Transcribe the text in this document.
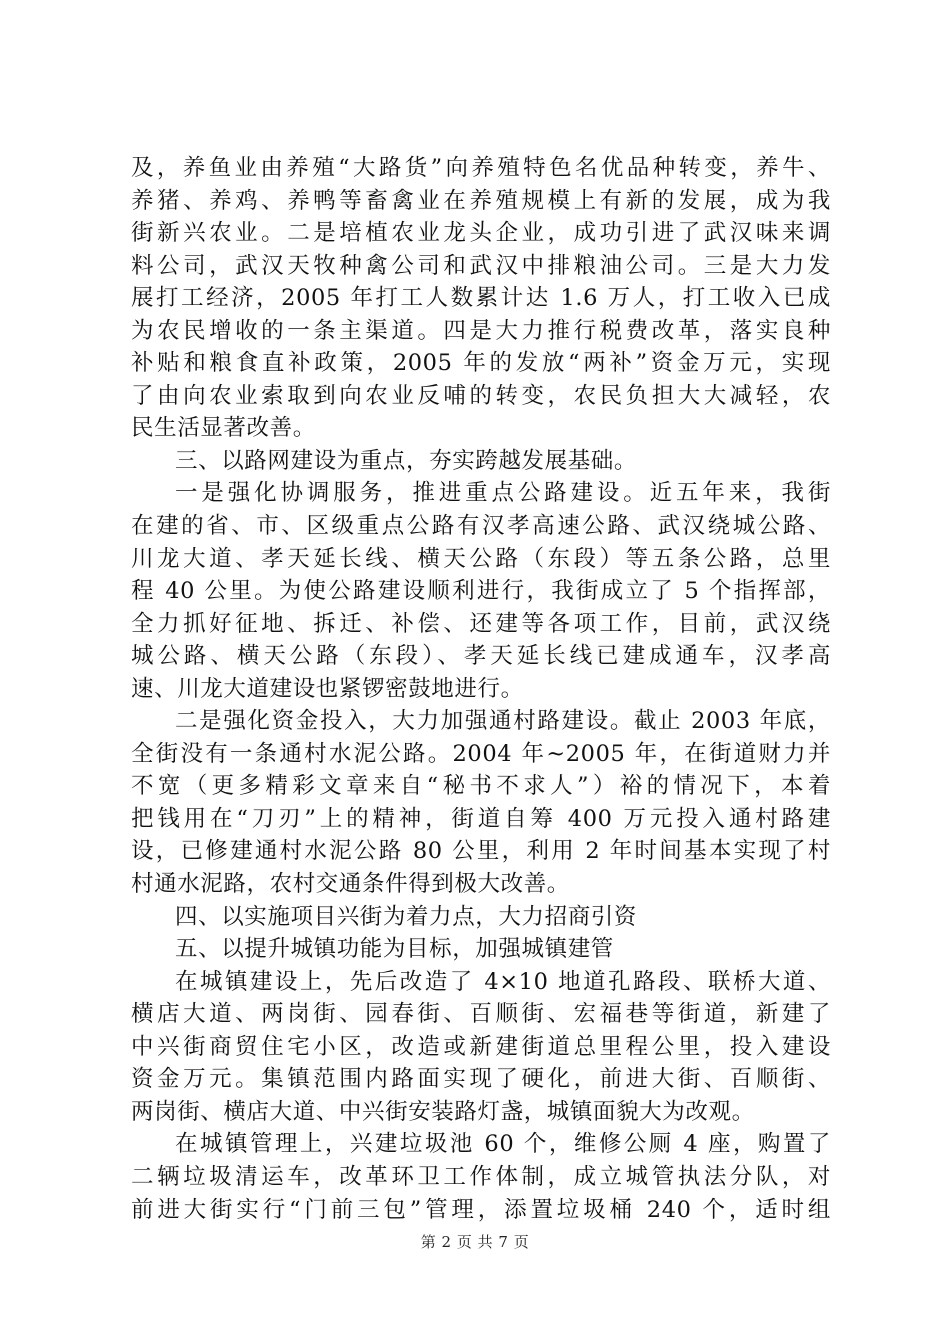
及，养鱼业由养殖“大路货”向养殖特色名优品种转变，养牛、
养猪、养鸡、养鸭等畜禽业在养殖规模上有新的发展，成为我
街新兴农业。二是培植农业龙头企业，成功引进了武汉味来调
料公司，武汉天牧种禽公司和武汉中排粮油公司。三是大力发
展打工经济，2005 年打工人数累计达 1.6 万人，打工收入已成
为农民增收的一条主渠道。四是大力推行税费改革，落实良种
补贴和粮食直补政策，2005 年的发放“两补”资金万元，实现
了由向农业索取到向农业反哺的转变，农民负担大大减轻，农
民生活显著改善。
三、以路网建设为重点，夯实跨越发展基础。
一是强化协调服务，推进重点公路建设。近五年来，我街
在建的省、市、区级重点公路有汉孝高速公路、武汉绕城公路、
川龙大道、孝天延长线、横天公路（东段）等五条公路，总里
程 40 公里。为使公路建设顺利进行，我街成立了 5 个指挥部，
全力抓好征地、拆迁、补偿、还建等各项工作，目前，武汉绕
城公路、横天公路（东段）、孝天延长线已建成通车，汉孝高
速、川龙大道建设也紧锣密鼓地进行。
二是强化资金投入，大力加强通村路建设。截止 2003 年底，
全街没有一条通村水泥公路。2004 年~2005 年，在街道财力并
不宽（更多精彩文章来自“秘书不求人”）裕的情况下，本着
把钱用在“刀刃”上的精神，街道自筹 400 万元投入通村路建
设，已修建通村水泥公路 80 公里，利用 2 年时间基本实现了村
村通水泥路，农村交通条件得到极大改善。
四、以实施项目兴街为着力点，大力招商引资
五、以提升城镇功能为目标，加强城镇建管
在城镇建设上，先后改造了 4×10 地道孔路段、联桥大道、
横店大道、两岗街、园春街、百顺街、宏福巷等街道，新建了
中兴街商贸住宅小区，改造或新建街道总里程公里，投入建设
资金万元。集镇范围内路面实现了硬化，前进大街、百顺街、
两岗街、横店大道、中兴街安装路灯盏，城镇面貌大为改观。
在城镇管理上，兴建垃圾池 60 个，维修公厕 4 座，购置了
二辆垃圾清运车，改革环卫工作体制，成立城管执法分队，对
前进大街实行“门前三包”管理，添置垃圾桶 240 个，适时组
第 2 页 共 7 页
